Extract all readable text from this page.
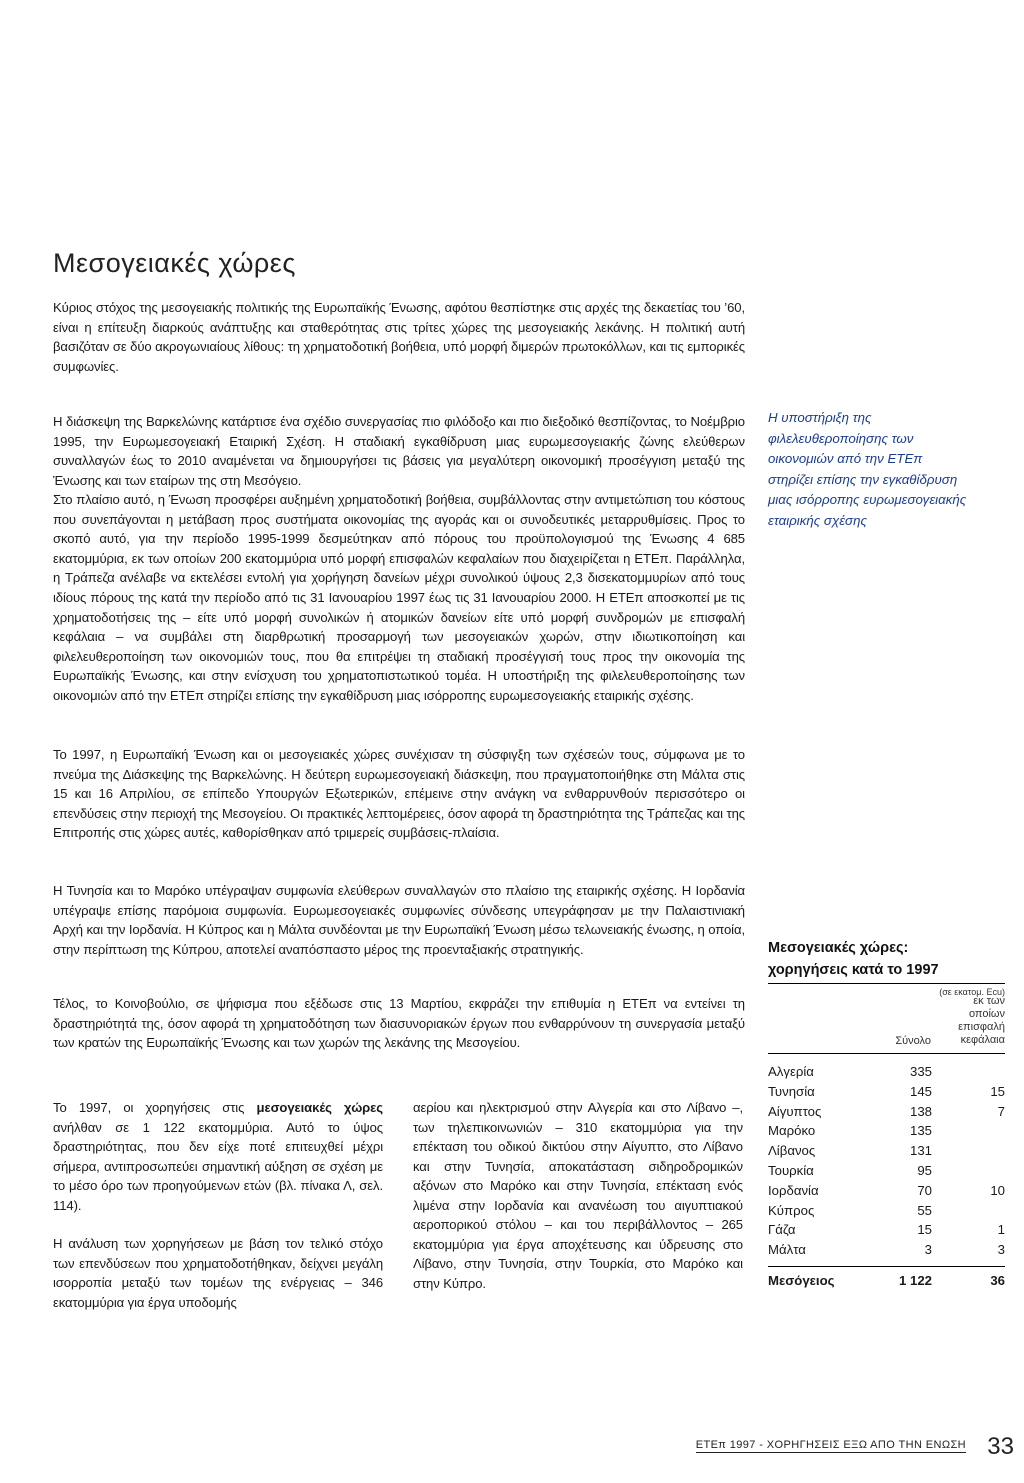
Μεσογειακές χώρες

Κύριος στόχος της μεσογειακής πολιτικής της Ευρωπαϊκής Ένωσης, αφότου θεσπίστηκε στις αρχές της δεκαετίας του ’60, είναι η επίτευξη διαρκούς ανάπτυξης και σταθερότητας στις τρίτες χώρες της μεσογειακής λεκάνης. Η πολιτική αυτή βασιζόταν σε δύο ακρογωνιαίους λίθους: τη χρηματοδοτική βοήθεια, υπό μορφή διμερών πρωτοκόλλων, και τις εμπορικές συμφωνίες.

Η διάσκεψη της Βαρκελώνης κατάρτισε ένα σχέδιο συνεργασίας πιο φιλόδοξο και πιο διεξοδικό θεσπίζοντας, το Νοέμβριο 1995, την Ευρωμεσογειακή Εταιρική Σχέση. Η σταδιακή εγκαθίδρυση μιας ευρωμεσογειακής ζώνης ελεύθερων συναλλαγών έως το 2010 αναμένεται να δημιουργήσει τις βάσεις για μεγαλύτερη οικονομική προσέγγιση μεταξύ της Ένωσης και των εταίρων της στη Μεσόγειο.

Στο πλαίσιο αυτό, η Ένωση προσφέρει αυξημένη χρηματοδοτική βοήθεια, συμβάλλοντας στην αντιμετώπιση του κόστους που συνεπάγονται η μετάβαση προς συστήματα οικονομίας της αγοράς και οι συνοδευτικές μεταρρυθμίσεις. Προς το σκοπό αυτό, για την περίοδο 1995-1999 δεσμεύτηκαν από πόρους του προϋπολογισμού της Ένωσης 4 685 εκατομμύρια, εκ των οποίων 200 εκατομμύρια υπό μορφή επισφαλών κεφαλαίων που διαχειρίζεται η ΕΤΕπ. Παράλληλα, η Τράπεζα ανέλαβε να εκτελέσει εντολή για χορήγηση δανείων μέχρι συνολικού ύψους 2,3 δισεκατομμυρίων από τους ιδίους πόρους της κατά την περίοδο από τις 31 Ιανουαρίου 1997 έως τις 31 Ιανουαρίου 2000. Η ΕΤΕπ αποσκοπεί με τις χρηματοδοτήσεις της – είτε υπό μορφή συνολικών ή ατομικών δανείων είτε υπό μορφή συνδρομών με επισφαλή κεφάλαια – να συμβάλει στη διαρθρωτική προσαρμογή των μεσογειακών χωρών, στην ιδιωτικοποίηση και φιλελευθεροποίηση των οικονομιών τους, που θα επιτρέψει τη σταδιακή προσέγγισή τους προς την οικονομία της Ευρωπαϊκής Ένωσης, και στην ενίσχυση του χρηματοπιστωτικού τομέα. Η υποστήριξη της φιλελευθεροποίησης των οικονομιών από την ΕΤΕπ στηρίζει επίσης την εγκαθίδρυση μιας ισόρροπης ευρωμεσογειακής εταιρικής σχέσης.

Το 1997, η Ευρωπαϊκή Ένωση και οι μεσογειακές χώρες συνέχισαν τη σύσφιγξη των σχέσεών τους, σύμφωνα με το πνεύμα της Διάσκεψης της Βαρκελώνης. Η δεύτερη ευρωμεσογειακή διάσκεψη, που πραγματοποιήθηκε στη Μάλτα στις 15 και 16 Απριλίου, σε επίπεδο Υπουργών Εξωτερικών, επέμεινε στην ανάγκη να ενθαρρυνθούν περισσότερο οι επενδύσεις στην περιοχή της Μεσογείου. Οι πρακτικές λεπτομέρειες, όσον αφορά τη δραστηριότητα της Τράπεζας και της Επιτροπής στις χώρες αυτές, καθορίσθηκαν από τριμερείς συμβάσεις-πλαίσια.

Η Τυνησία και το Μαρόκο υπέγραψαν συμφωνία ελεύθερων συναλλαγών στο πλαίσιο της εταιρικής σχέσης. Η Ιορδανία υπέγραψε επίσης παρόμοια συμφωνία. Ευρωμεσογειακές συμφωνίες σύνδεσης υπεγράφησαν με την Παλαιστινιακή Αρχή και την Ιορδανία. Η Κύπρος και η Μάλτα συνδέονται με την Ευρωπαϊκή Ένωση μέσω τελωνειακής ένωσης, η οποία, στην περίπτωση της Κύπρου, αποτελεί αναπόσπαστο μέρος της προενταξιακής στρατηγικής.

Τέλος, το Κοινοβούλιο, σε ψήφισμα που εξέδωσε στις 13 Μαρτίου, εκφράζει την επιθυμία η ΕΤΕπ να εντείνει τη δραστηριότητά της, όσον αφορά τη χρηματοδότηση των διασυνοριακών έργων που ενθαρρύνουν τη συνεργασία μεταξύ των κρατών της Ευρωπαϊκής Ένωσης και των χωρών της λεκάνης της Μεσογείου.

Η υποστήριξη της φιλελευθεροποίησης των οικονομιών από την ΕΤΕπ στηρίζει επίσης την εγκαθίδρυση μιας ισόρροπης ευρωμεσογειακής εταιρικής σχέσης

Το 1997, οι χορηγήσεις στις μεσογειακές χώρες ανήλθαν σε 1 122 εκατομμύρια. Αυτό το ύψος δραστηριότητας, που δεν είχε ποτέ επιτευχθεί μέχρι σήμερα, αντιπροσωπεύει σημαντική αύξηση σε σχέση με το μέσο όρο των προηγούμενων ετών (βλ. πίνακα Λ, σελ. 114).

Η ανάλυση των χορηγήσεων με βάση τον τελικό στόχο των επενδύσεων που χρηματοδοτήθηκαν, δείχνει μεγάλη ισορροπία μεταξύ των τομέων της ενέργειας – 346 εκατομμύρια για έργα υποδομής

αερίου και ηλεκτρισμού στην Αλγερία και στο Λίβανο –, των τηλεπικοινωνιών – 310 εκατομμύρια για την επέκταση του οδικού δικτύου στην Αίγυπτο, στο Λίβανο και στην Τυνησία, αποκατάσταση σιδηροδρομικών αξόνων στο Μαρόκο και στην Τυνησία, επέκταση ενός λιμένα στην Ιορδανία και ανανέωση του αιγυπτιακού αεροπορικού στόλου – και του περιβάλλοντος – 265 εκατομμύρια για έργα αποχέτευσης και ύδρευσης στο Λίβανο, στην Τυνησία, στην Τουρκία, στο Μαρόκο και στην Κύπρο.

Μεσογειακές χώρες:
χορηγήσεις κατά το 1997

(σε εκατομ. Ecu)
Σύνολο
εκ των οποίων επισφαλή κεφάλαια
Αλγερία	335
Τυνησία	145	15
Αίγυπτος	138	7
Μαρόκο	135
Λίβανος	131
Τουρκία	95
Ιορδανία	70	10
Κύπρος	55
Γάζα	15	1
Μάλτα	3	3
Μεσόγειος	1 122	36
ΕΤΕπ 1997 - ΧΟΡΗΓΗΣΕΙΣ ΕΞΩ ΑΠΟ ΤΗΝ ΕΝΩΣΗ 33
